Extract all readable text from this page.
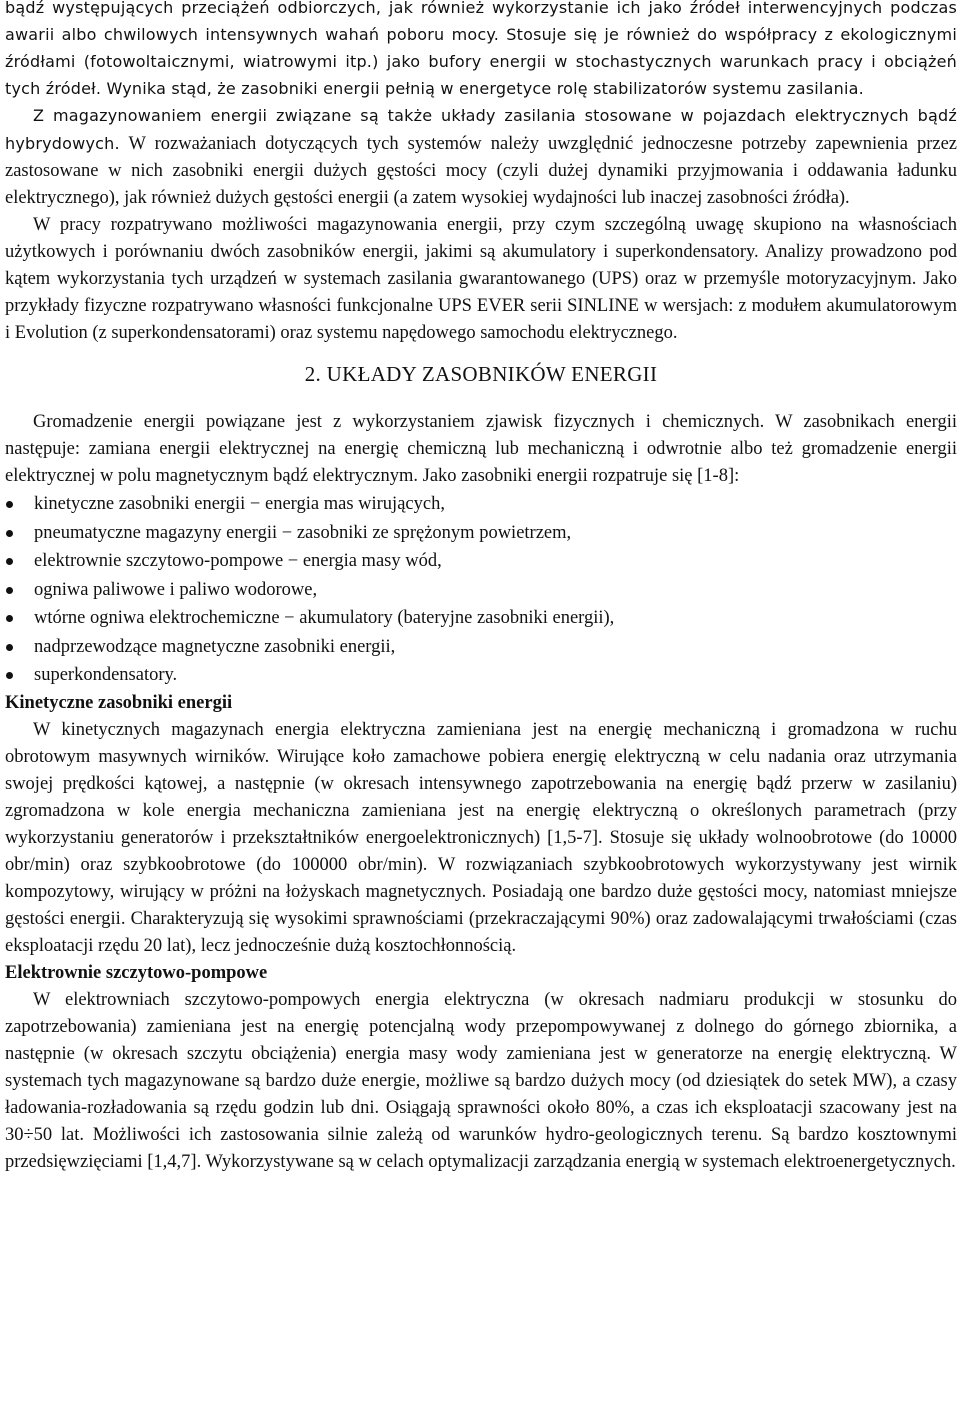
bądź występujących przeciążeń odbiorczych, jak również wykorzystanie ich jako źródeł interwencyjnych podczas awarii albo chwilowych intensywnych wahań poboru mocy. Stosuje się je również do współpracy z ekologicznymi źródłami (fotowoltaicznymi, wiatrowymi itp.) jako bufory energii w stochastycznych warunkach pracy i obciążeń tych źródeł. Wynika stąd, że zasobniki energii pełnią w energetyce rolę stabilizatorów systemu zasilania.

Z magazynowaniem energii związane są także układy zasilania stosowane w pojazdach elektrycznych bądź hybrydowych. W rozważaniach dotyczących tych systemów należy uwzględnić jednoczesne potrzeby zapewnienia przez zastosowane w nich zasobniki energii dużych gęstości mocy (czyli dużej dynamiki przyjmowania i oddawania ładunku elektrycznego), jak również dużych gęstości energii (a zatem wysokiej wydajności lub inaczej zasobności źródła).

W pracy rozpatrywano możliwości magazynowania energii, przy czym szczególną uwagę skupiono na własnościach użytkowych i porównaniu dwóch zasobników energii, jakimi są akumulatory i superkondensatory. Analizy prowadzono pod kątem wykorzystania tych urządzeń w systemach zasilania gwarantowanego (UPS) oraz w przemyśle motoryzacyjnym. Jako przykłady fizyczne rozpatrywano własności funkcjonalne UPS EVER serii SINLINE w wersjach: z modułem akumulatorowym i Evolution (z superkondensatorami) oraz systemu napędowego samochodu elektrycznego.

2. UKŁADY ZASOBNIKÓW ENERGII

Gromadzenie energii powiązane jest z wykorzystaniem zjawisk fizycznych i chemicznych. W zasobnikach energii następuje: zamiana energii elektrycznej na energię chemiczną lub mechaniczną i odwrotnie albo też gromadzenie energii elektrycznej w polu magnetycznym bądź elektrycznym. Jako zasobniki energii rozpatruje się [1-8]:

kinetyczne zasobniki energii − energia mas wirujących,
pneumatyczne magazyny energii − zasobniki ze sprężonym powietrzem,
elektrownie szczytowo-pompowe − energia masy wód,
ogniwa paliwowe i paliwo wodorowe,
wtórne ogniwa elektrochemiczne − akumulatory (bateryjne zasobniki energii),
nadprzewodzące magnetyczne zasobniki energii,
superkondensatory.
Kinetyczne zasobniki energii

W kinetycznych magazynach energia elektryczna zamieniana jest na energię mechaniczną i gromadzona w ruchu obrotowym masywnych wirników. Wirujące koło zamachowe pobiera energię elektryczną w celu nadania oraz utrzymania swojej prędkości kątowej, a następnie (w okresach intensywnego zapotrzebowania na energię bądź przerw w zasilaniu) zgromadzona w kole energia mechaniczna zamieniana jest na energię elektryczną o określonych parametrach (przy wykorzystaniu generatorów i przekształtników energoelektronicznych) [1,5-7]. Stosuje się układy wolnoobrotowe (do 10000 obr/min) oraz szybkoobrotowe (do 100000 obr/min). W rozwiązaniach szybkoobrotowych wykorzystywany jest wirnik kompozytowy, wirujący w próżni na łożyskach magnetycznych. Posiadają one bardzo duże gęstości mocy, natomiast mniejsze gęstości energii. Charakteryzują się wysokimi sprawnościami (przekraczającymi 90%) oraz zadowalającymi trwałościami (czas eksploatacji rzędu 20 lat), lecz jednocześnie dużą kosztochłonnością.

Elektrownie szczytowo-pompowe

W elektrowniach szczytowo-pompowych energia elektryczna (w okresach nadmiaru produkcji w stosunku do zapotrzebowania) zamieniana jest na energię potencjalną wody przepompowywanej z dolnego do górnego zbiornika, a następnie (w okresach szczytu obciążenia) energia masy wody zamieniana jest w generatorze na energię elektryczną. W systemach tych magazynowane są bardzo duże energie, możliwe są bardzo dużych mocy (od dziesiątek do setek MW), a czasy ładowania-rozładowania są rzędu godzin lub dni. Osiągają sprawności około 80%, a czas ich eksploatacji szacowany jest na 30÷50 lat. Możliwości ich zastosowania silnie zależą od warunków hydro-geologicznych terenu. Są bardzo kosztownymi przedsięwzięciami [1,4,7]. Wykorzystywane są w celach optymalizacji zarządzania energią w systemach elektroenergetycznych.
